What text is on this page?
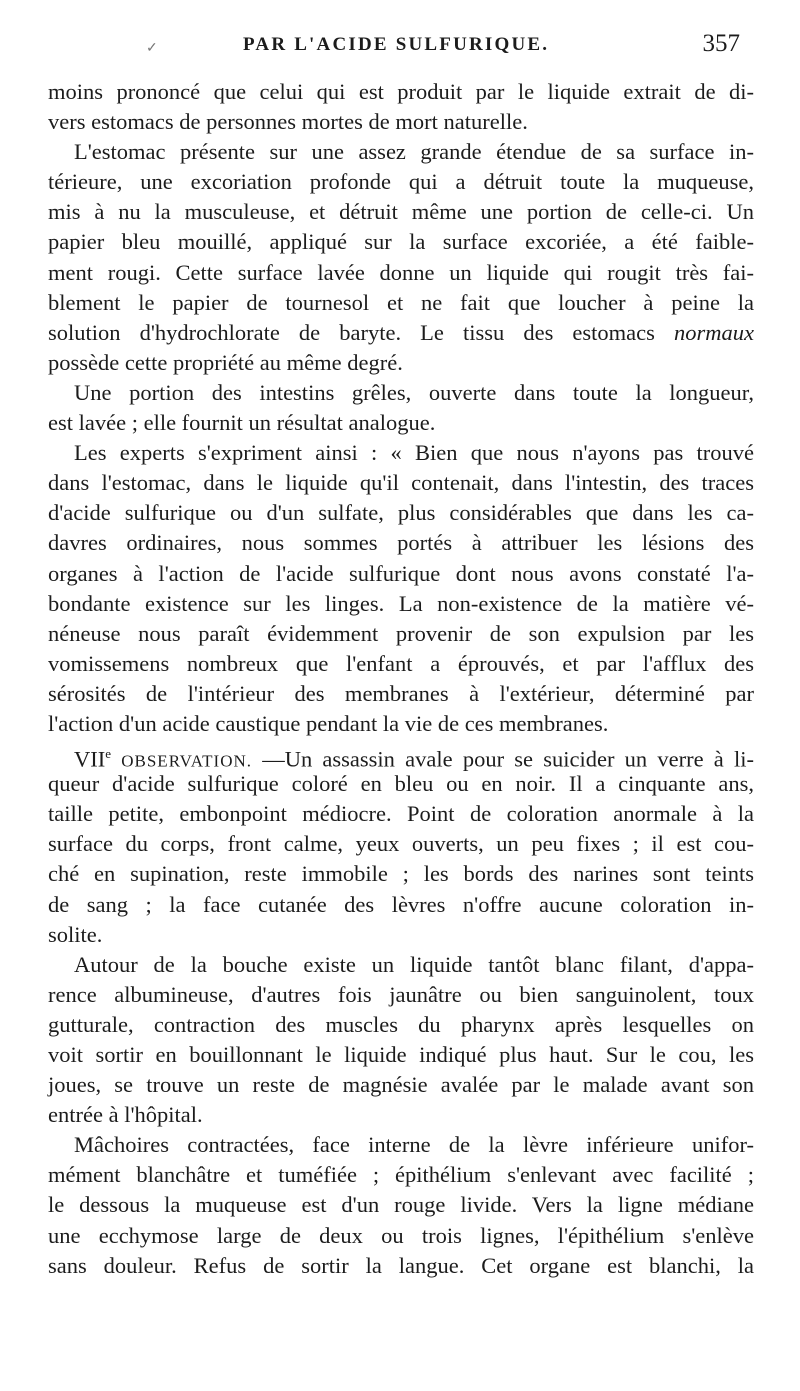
✓	PAR L'ACIDE SULFURIQUE.	357
moins prononcé que celui qui est produit par le liquide extrait de di-
vers estomacs de personnes mortes de mort naturelle.
L'estomac présente sur une assez grande étendue de sa surface in-
térieure, une excoriation profonde qui a détruit toute la muqueuse,
mis à nu la musculeuse, et détruit même une portion de celle-ci. Un
papier bleu mouillé, appliqué sur la surface excoriée, a été faible-
ment rougi. Cette surface lavée donne un liquide qui rougit très fai-
blement le papier de tournesol et ne fait que loucher à peine la
solution d'hydrochlorate de baryte. Le tissu des estomacs normaux
possède cette propriété au même degré.
Une portion des intestins grêles, ouverte dans toute la longueur,
est lavée ; elle fournit un résultat analogue.
Les experts s'expriment ainsi : « Bien que nous n'ayons pas trouvé
dans l'estomac, dans le liquide qu'il contenait, dans l'intestin, des traces
d'acide sulfurique ou d'un sulfate, plus considérables que dans les ca-
davres ordinaires, nous sommes portés à attribuer les lésions des
organes à l'action de l'acide sulfurique dont nous avons constaté l'a-
bondante existence sur les linges. La non-existence de la matière vé-
néneuse nous paraît évidemment provenir de son expulsion par les
vomissemens nombreux que l'enfant a éprouvés, et par l'afflux des
sérosités de l'intérieur des membranes à l'extérieur, déterminé par
l'action d'un acide caustique pendant la vie de ces membranes.
VIIe OBSERVATION. —Un assassin avale pour se suicider un verre à li-
queur d'acide sulfurique coloré en bleu ou en noir. Il a cinquante ans,
taille petite, embonpoint médiocre. Point de coloration anormale à la
surface du corps, front calme, yeux ouverts, un peu fixes ; il est cou-
ché en supination, reste immobile ; les bords des narines sont teints
de sang ; la face cutanée des lèvres n'offre aucune coloration in-
solite.
Autour de la bouche existe un liquide tantôt blanc filant, d'appa-
rence albumineuse, d'autres fois jaunâtre ou bien sanguinolent, toux
gutturale, contraction des muscles du pharynx après lesquelles on
voit sortir en bouillonnant le liquide indiqué plus haut. Sur le cou, les
joues, se trouve un reste de magnésie avalée par le malade avant son
entrée à l'hôpital.
Mâchoires contractées, face interne de la lèvre inférieure unifor-
mément blanchâtre et tuméfiée ; épithélium s'enlevant avec facilité ;
le dessous la muqueuse est d'un rouge livide. Vers la ligne médiane
une ecchymose large de deux ou trois lignes, l'épithélium s'enlève
sans douleur. Refus de sortir la langue. Cet organe est blanchi, la
